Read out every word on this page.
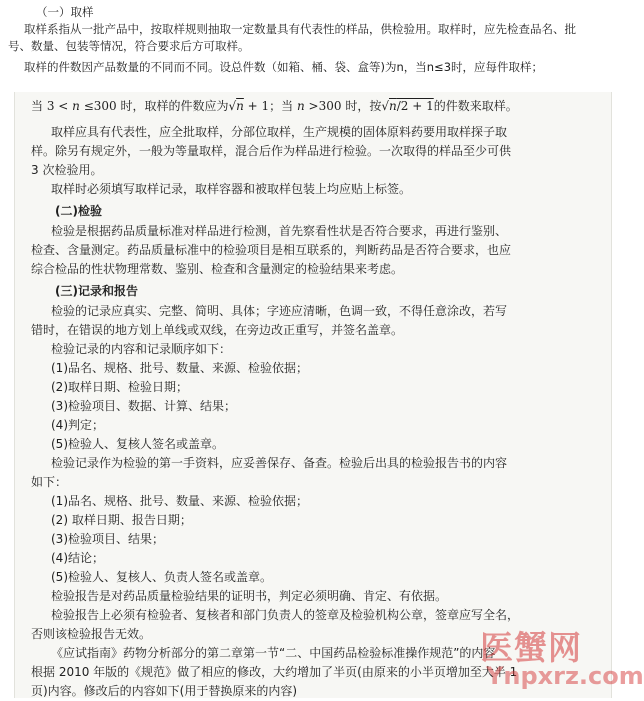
（一）取样
取样系指从一批产品中，按取样规则抽取一定数量具有代表性的样品，供检验用。取样时，应先检查品名、批
号、数量、包装等情况，符合要求后方可取样。
取样的件数因产品数量的不同而不同。设总件数（如箱、桶、袋、盒等)为n，当n≤3时，应每件取样；
当 3 < n ≤300 时，取样的件数应为√n + 1；当 n >300 时，按√n/2 + 1的件数来取样。
取样应具有代表性，应全批取样，分部位取样，生产规模的固体原料药要用取样探子取
样。除另有规定外，一般为等量取样，混合后作为样品进行检验。一次取得的样品至少可供
3 次检验用。
取样时必须填写取样记录，取样容器和被取样包装上均应贴上标签。
(二)检验
检验是根据药品质量标准对样品进行检测，首先察看性状是否符合要求，再进行鉴别、
检查、含量测定。药品质量标准中的检验项目是相互联系的，判断药品是否符合要求，也应
综合检品的性状物理常数、鉴别、检查和含量测定的检验结果来考虑。
(三)记录和报告
检验的记录应真实、完整、简明、具体；字迹应清晰，色调一致，不得任意涂改，若写
错时，在错误的地方划上单线或双线，在旁边改正重写，并签名盖章。
检验记录的内容和记录顺序如下：
(1)品名、规格、批号、数量、来源、检验依据；
(2)取样日期、检验日期；
(3)检验项目、数据、计算、结果；
(4)判定；
(5)检验人、复核人签名或盖章。
检验记录作为检验的第一手资料，应妥善保存、备查。检验后出具的检验报告书的内容
如下：
(1)品名、规格、批号、数量、来源、检验依据；
(2) 取样日期、报告日期；
(3)检验项目、结果；
(4)结论；
(5)检验人、复核人、负责人签名或盖章。
检验报告是对药品质量检验结果的证明书，判定必须明确、肯定、有依据。
检验报告上必须有检验者、复核者和部门负责人的签章及检验机构公章，签章应写全名，
否则该检验报告无效。
《应试指南》药物分析部分的第二章第一节“二、中国药品检验标准操作规范”的内容
根据 2010 年版的《规范》做了相应的修改，大约增加了半页(由原来的小半页增加至大半 1
页)内容。修改后的内容如下(用于替换原来的内容)
医蟹网
Ynpxrz.com
